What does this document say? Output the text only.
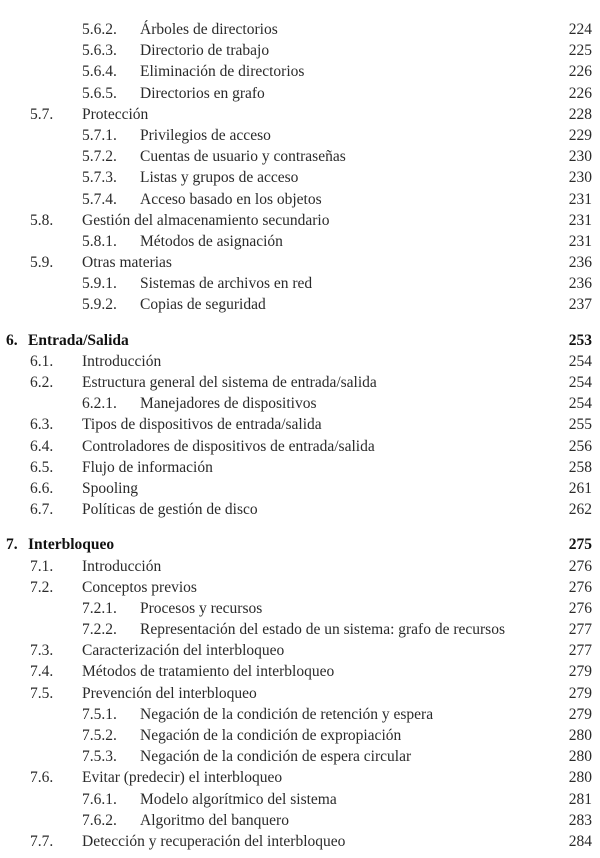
5.6.2. Árboles de directorios	224
5.6.3. Directorio de trabajo	225
5.6.4. Eliminación de directorios	226
5.6.5. Directorios en grafo	226
5.7. Protección	228
5.7.1. Privilegios de acceso	229
5.7.2. Cuentas de usuario y contraseñas	230
5.7.3. Listas y grupos de acceso	230
5.7.4. Acceso basado en los objetos	231
5.8. Gestión del almacenamiento secundario	231
5.8.1. Métodos de asignación	231
5.9. Otras materias	236
5.9.1. Sistemas de archivos en red	236
5.9.2. Copias de seguridad	237
6. Entrada/Salida	253
6.1. Introducción	254
6.2. Estructura general del sistema de entrada/salida	254
6.2.1. Manejadores de dispositivos	254
6.3. Tipos de dispositivos de entrada/salida	255
6.4. Controladores de dispositivos de entrada/salida	256
6.5. Flujo de información	258
6.6. Spooling	261
6.7. Políticas de gestión de disco	262
7. Interbloqueo	275
7.1. Introducción	276
7.2. Conceptos previos	276
7.2.1. Procesos y recursos	276
7.2.2. Representación del estado de un sistema: grafo de recursos	277
7.3. Caracterización del interbloqueo	277
7.4. Métodos de tratamiento del interbloqueo	279
7.5. Prevención del interbloqueo	279
7.5.1. Negación de la condición de retención y espera	279
7.5.2. Negación de la condición de expropiación	280
7.5.3. Negación de la condición de espera circular	280
7.6. Evitar (predecir) el interbloqueo	280
7.6.1. Modelo algorítmico del sistema	281
7.6.2. Algoritmo del banquero	283
7.7. Detección y recuperación del interbloqueo	284
